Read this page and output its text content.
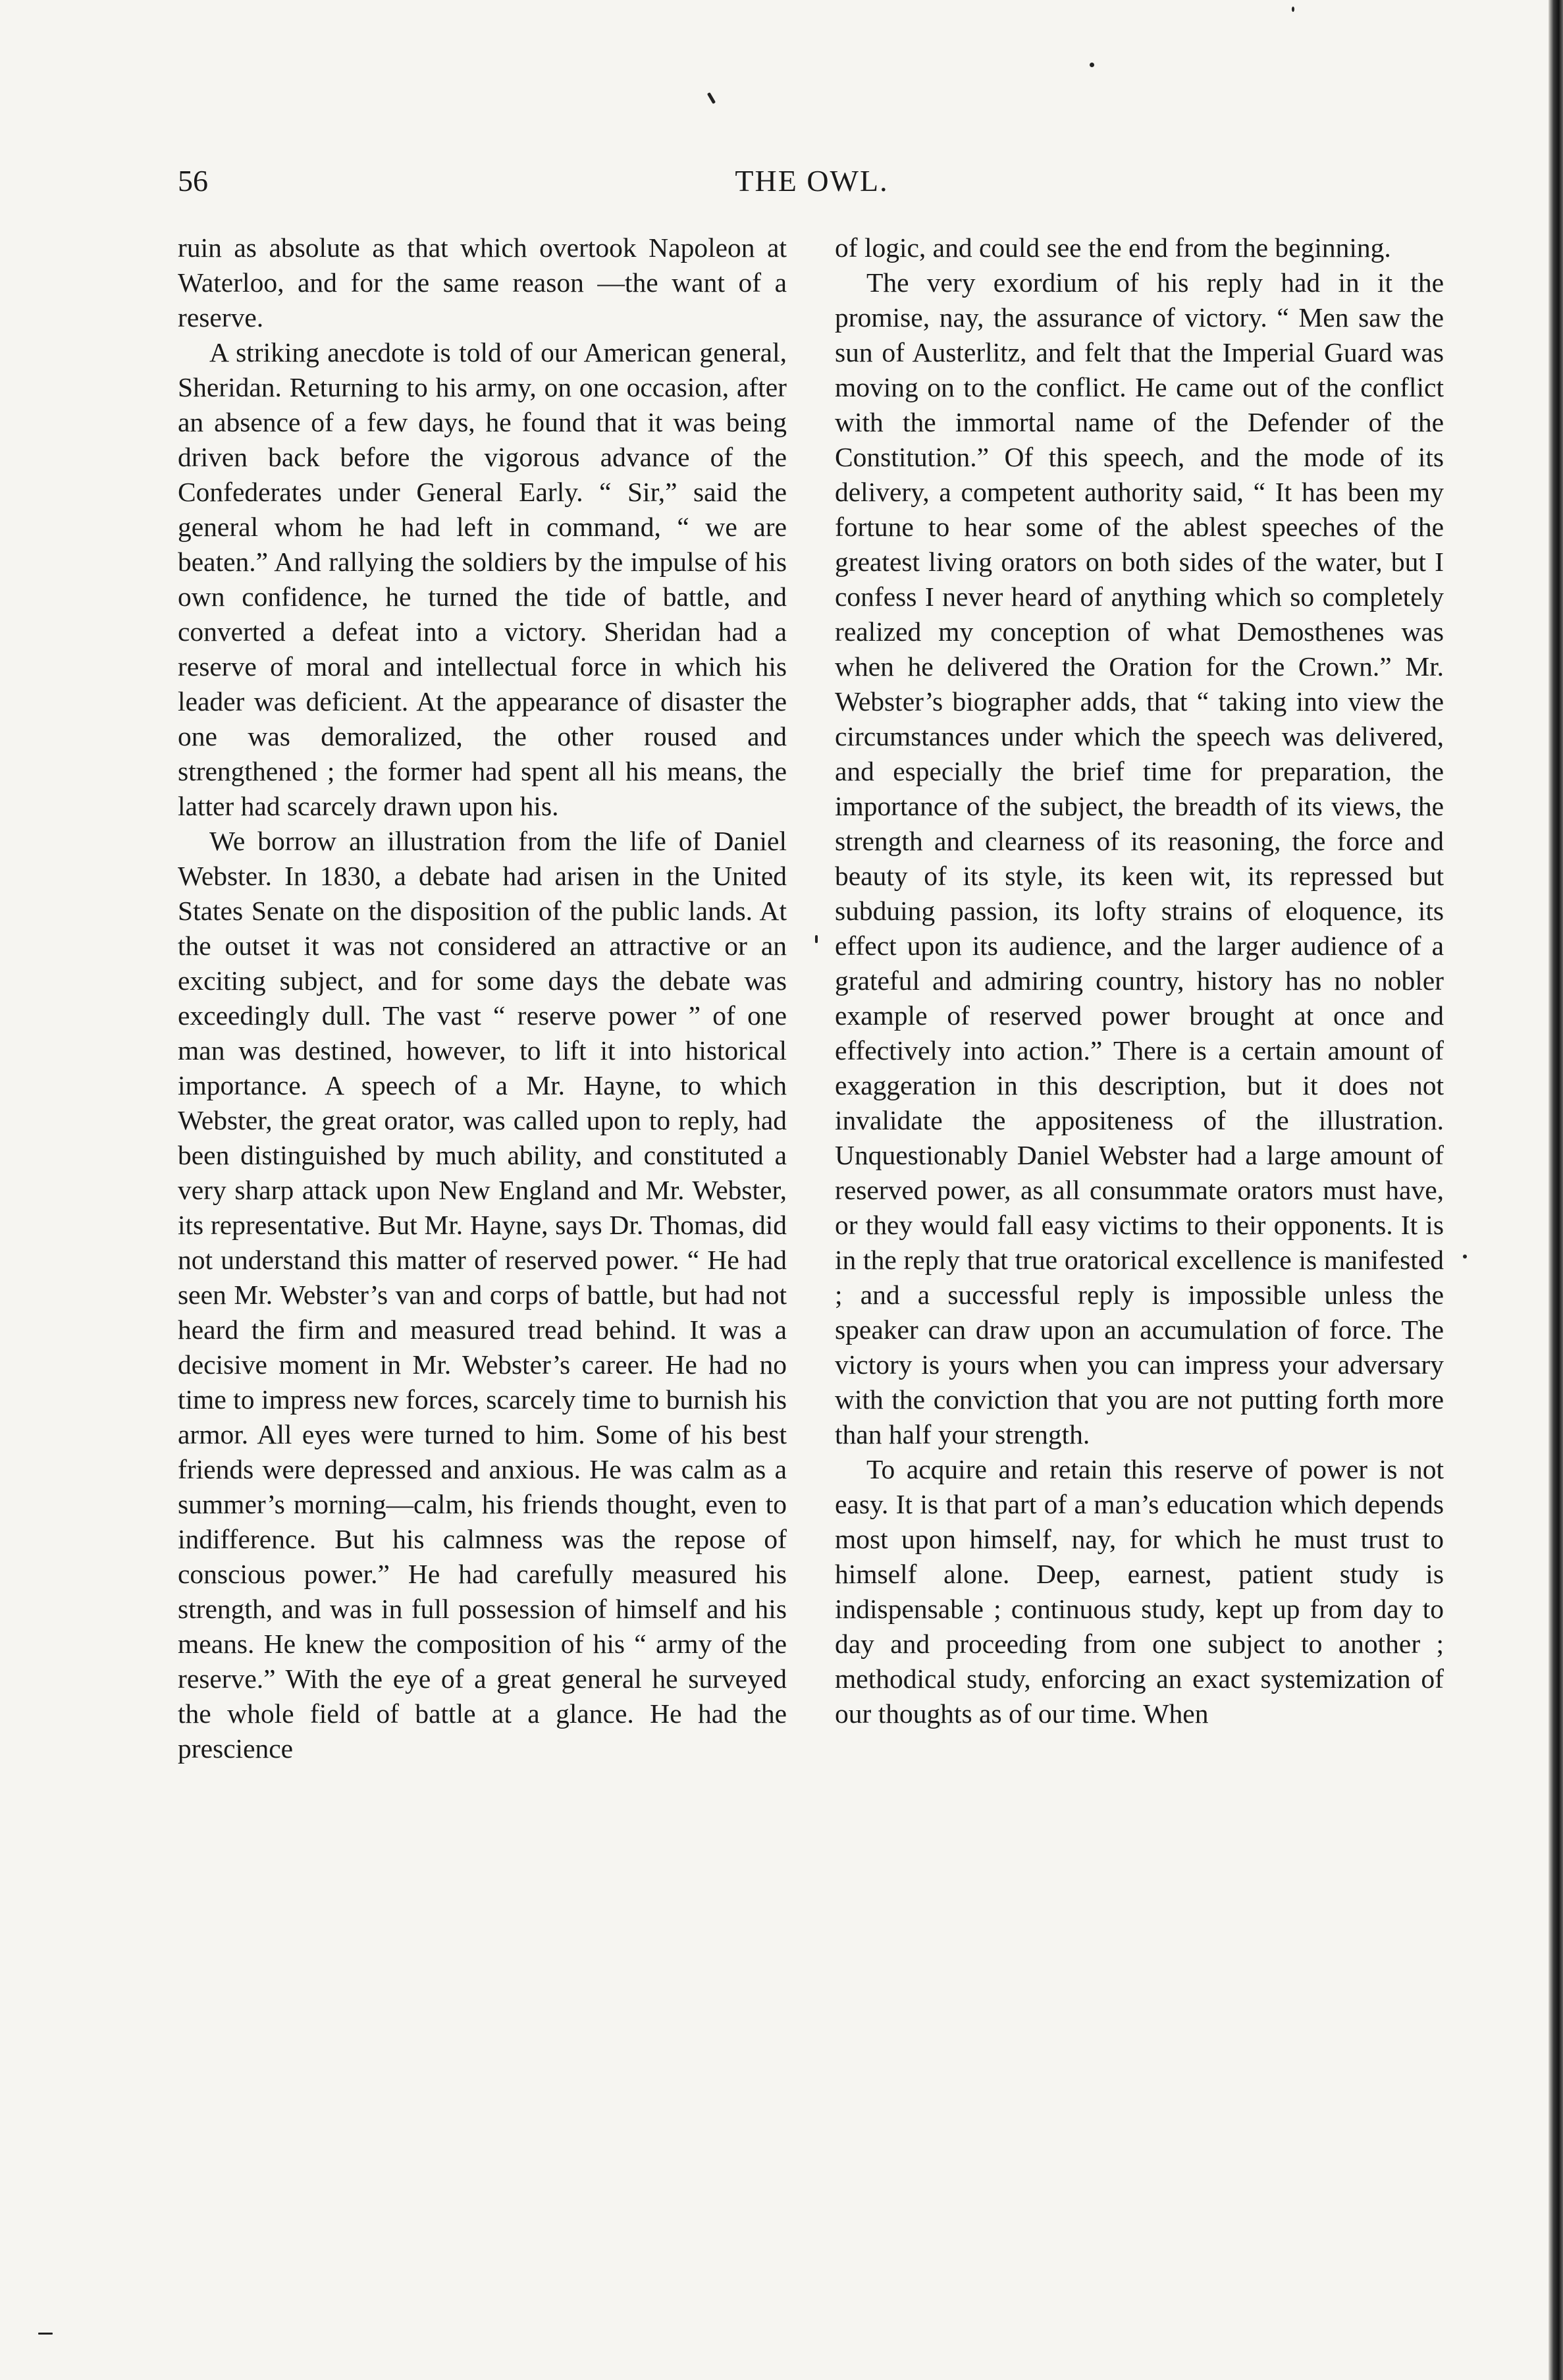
56	THE OWL.

ruin as absolute as that which overtook Napoleon at Waterloo, and for the same reason —the want of a reserve.

A striking anecdote is told of our American general, Sheridan. Returning to his army, on one occasion, after an absence of a few days, he found that it was being driven back before the vigorous advance of the Confederates under General Early. “ Sir,” said the general whom he had left in command, “ we are beaten.” And rallying the soldiers by the impulse of his own confidence, he turned the tide of battle, and converted a defeat into a victory. Sheridan had a reserve of moral and intellectual force in which his leader was deficient. At the appearance of disaster the one was demoralized, the other roused and strengthened ; the former had spent all his means, the latter had scarcely drawn upon his.

We borrow an illustration from the life of Daniel Webster. In 1830, a debate had arisen in the United States Senate on the disposition of the public lands. At the outset it was not considered an attractive or an exciting subject, and for some days the debate was exceedingly dull. The vast “ reserve power ” of one man was destined, however, to lift it into historical importance. A speech of a Mr. Hayne, to which Webster, the great orator, was called upon to reply, had been distinguished by much ability, and constituted a very sharp attack upon New England and Mr. Webster, its representative. But Mr. Hayne, says Dr. Thomas, did not understand this matter of reserved power. “ He had seen Mr. Webster’s van and corps of battle, but had not heard the firm and measured tread behind. It was a decisive moment in Mr. Webster’s career. He had no time to impress new forces, scarcely time to burnish his armor. All eyes were turned to him. Some of his best friends were depressed and anxious. He was calm as a summer’s morning—calm, his friends thought, even to indifference. But his calmness was the repose of conscious power.” He had carefully measured his strength, and was in full possession of himself and his means. He knew the composition of his “ army of the reserve.” With the eye of a great general he surveyed the whole field of battle at a glance. He had the prescience

of logic, and could see the end from the beginning.

The very exordium of his reply had in it the promise, nay, the assurance of victory. “ Men saw the sun of Austerlitz, and felt that the Imperial Guard was moving on to the conflict. He came out of the conflict with the immortal name of the Defender of the Constitution.” Of this speech, and the mode of its delivery, a competent authority said, “ It has been my fortune to hear some of the ablest speeches of the greatest living orators on both sides of the water, but I confess I never heard of anything which so completely realized my conception of what Demosthenes was when he delivered the Oration for the Crown.” Mr. Webster’s biographer adds, that “ taking into view the circumstances under which the speech was delivered, and especially the brief time for preparation, the importance of the subject, the breadth of its views, the strength and clearness of its reasoning, the force and beauty of its style, its keen wit, its repressed but subduing passion, its lofty strains of eloquence, its effect upon its audience, and the larger audience of a grateful and admiring country, history has no nobler example of reserved power brought at once and effectively into action.” There is a certain amount of exaggeration in this description, but it does not invalidate the appositeness of the illustration. Unquestionably Daniel Webster had a large amount of reserved power, as all consummate orators must have, or they would fall easy victims to their opponents. It is in the reply that true oratorical excellence is manifested ; and a successful reply is impossible unless the speaker can draw upon an accumulation of force. The victory is yours when you can impress your adversary with the conviction that you are not putting forth more than half your strength.

To acquire and retain this reserve of power is not easy. It is that part of a man’s education which depends most upon himself, nay, for which he must trust to himself alone. Deep, earnest, patient study is indispensable ; continuous study, kept up from day to day and proceeding from one subject to another ; methodical study, enforcing an exact systemization of our thoughts as of our time. When
